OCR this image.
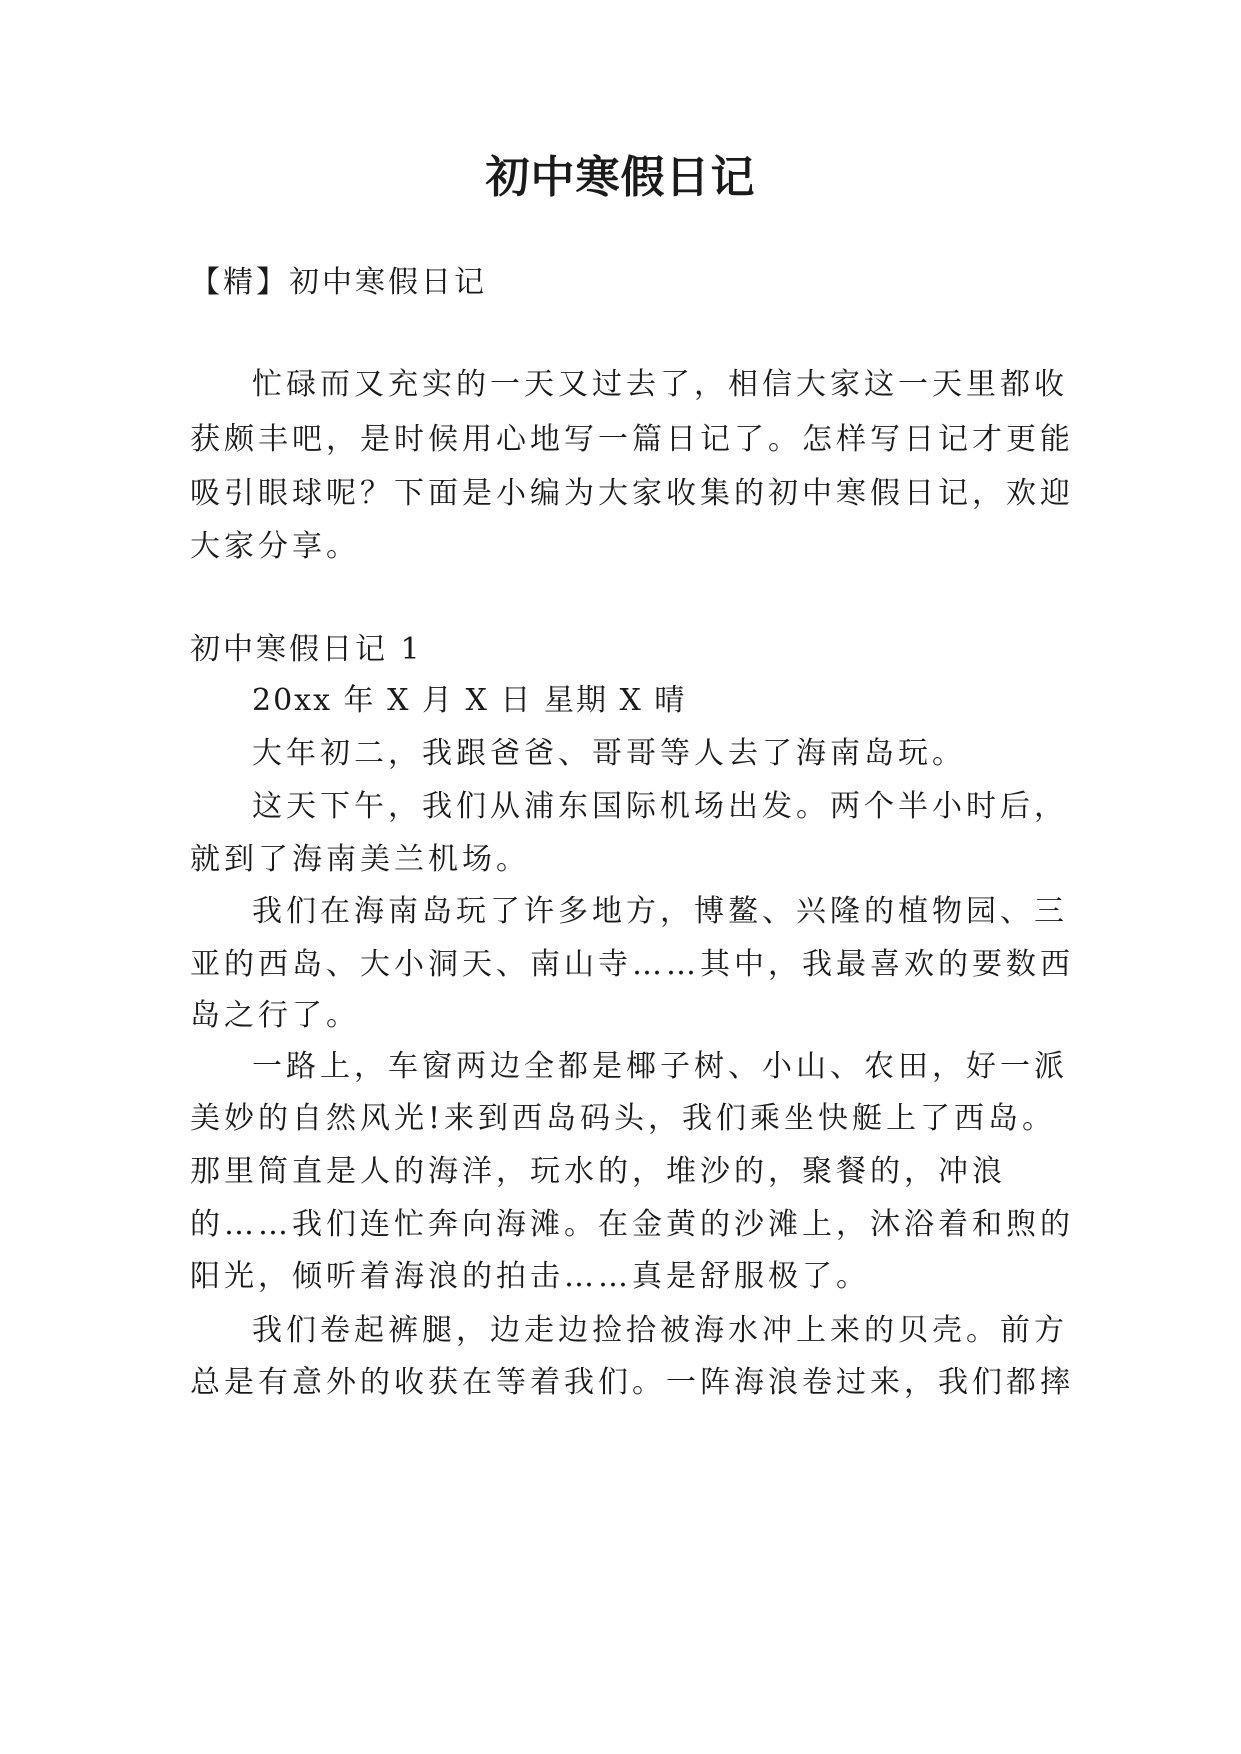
初中寒假日记
【精】初中寒假日记
忙碌而又充实的一天又过去了，相信大家这一天里都收
获颇丰吧，是时候用心地写一篇日记了。怎样写日记才更能
吸引眼球呢？下面是小编为大家收集的初中寒假日记，欢迎
大家分享。
初中寒假日记 1
20xx 年 X 月 X 日 星期 X 晴
大年初二，我跟爸爸、哥哥等人去了海南岛玩。
这天下午，我们从浦东国际机场出发。两个半小时后，
就到了海南美兰机场。
我们在海南岛玩了许多地方，博鳌、兴隆的植物园、三
亚的西岛、大小洞天、南山寺……其中，我最喜欢的要数西
岛之行了。
一路上，车窗两边全都是椰子树、小山、农田，好一派
美妙的自然风光!来到西岛码头，我们乘坐快艇上了西岛。
那里简直是人的海洋，玩水的，堆沙的，聚餐的，冲浪
的……我们连忙奔向海滩。在金黄的沙滩上，沐浴着和煦的
阳光，倾听着海浪的拍击……真是舒服极了。
我们卷起裤腿，边走边捡拾被海水冲上来的贝壳。前方
总是有意外的收获在等着我们。一阵海浪卷过来，我们都摔
